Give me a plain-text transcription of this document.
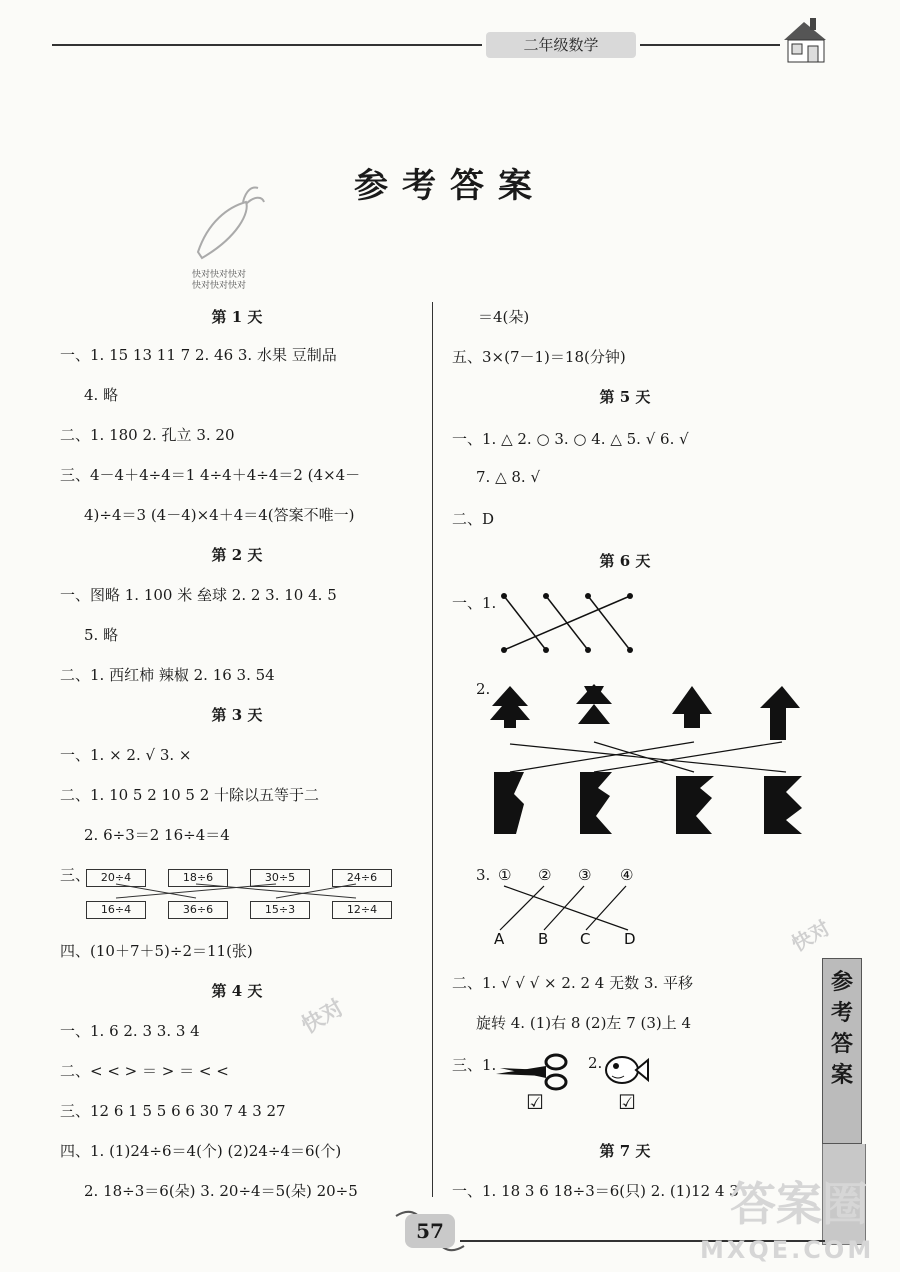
二年级数学
参考答案
快对快对快对
快对快对快对
第 1 天
一、1. 15 13 11 7 2. 46 3. 水果 豆制品
4. 略
二、1. 180 2. 孔立 3. 20
三、4－4＋4÷4＝1 4÷4＋4÷4＝2 (4×4－
4)÷4＝3 (4－4)×4＋4＝4(答案不唯一)
第 2 天
一、图略 1. 100 米 垒球 2. 2 3. 10 4. 5
5. 略
二、1. 西红柿 辣椒 2. 16 3. 54
第 3 天
一、1. × 2. √ 3. ×
二、1. 10 5 2 10 5 2 十除以五等于二
2. 6÷3＝2 16÷4＝4
三、 20÷4	18÷6	30÷5	24÷6
16÷4	36÷6	15÷3	12÷4
四、(10＋7＋5)÷2＝11(张)
第 4 天
一、1. 6 2. 3 3. 3 4
二、< < > ＝ > ＝ < <
三、12 6 1 5 5 6 6 30 7 4 3 27
四、1. (1)24÷6＝4(个) (2)24÷4＝6(个)
2. 18÷3＝6(朵) 3. 20÷4＝5(朵) 20÷5
＝4(朵)
五、3×(7－1)＝18(分钟)
第 5 天
一、1. △ 2. ○ 3. ○ 4. △ 5. √ 6. √
7. △ 8. √
二、D
第 6 天
一、1.
2.
3. ① ② ③ ④
A B C D
二、1. √ √ √ × 2. 2 4 无数 3. 平移
旋转 4. (1)右 8 (2)左 7 (3)上 4
三、1.	2.
☑	☑
第 7 天
一、1. 18 3 6 18÷3＝6(只) 2. (1)12 4 3
参
考
答
案
57
快对
快对
答案圈
MXQE.COM
